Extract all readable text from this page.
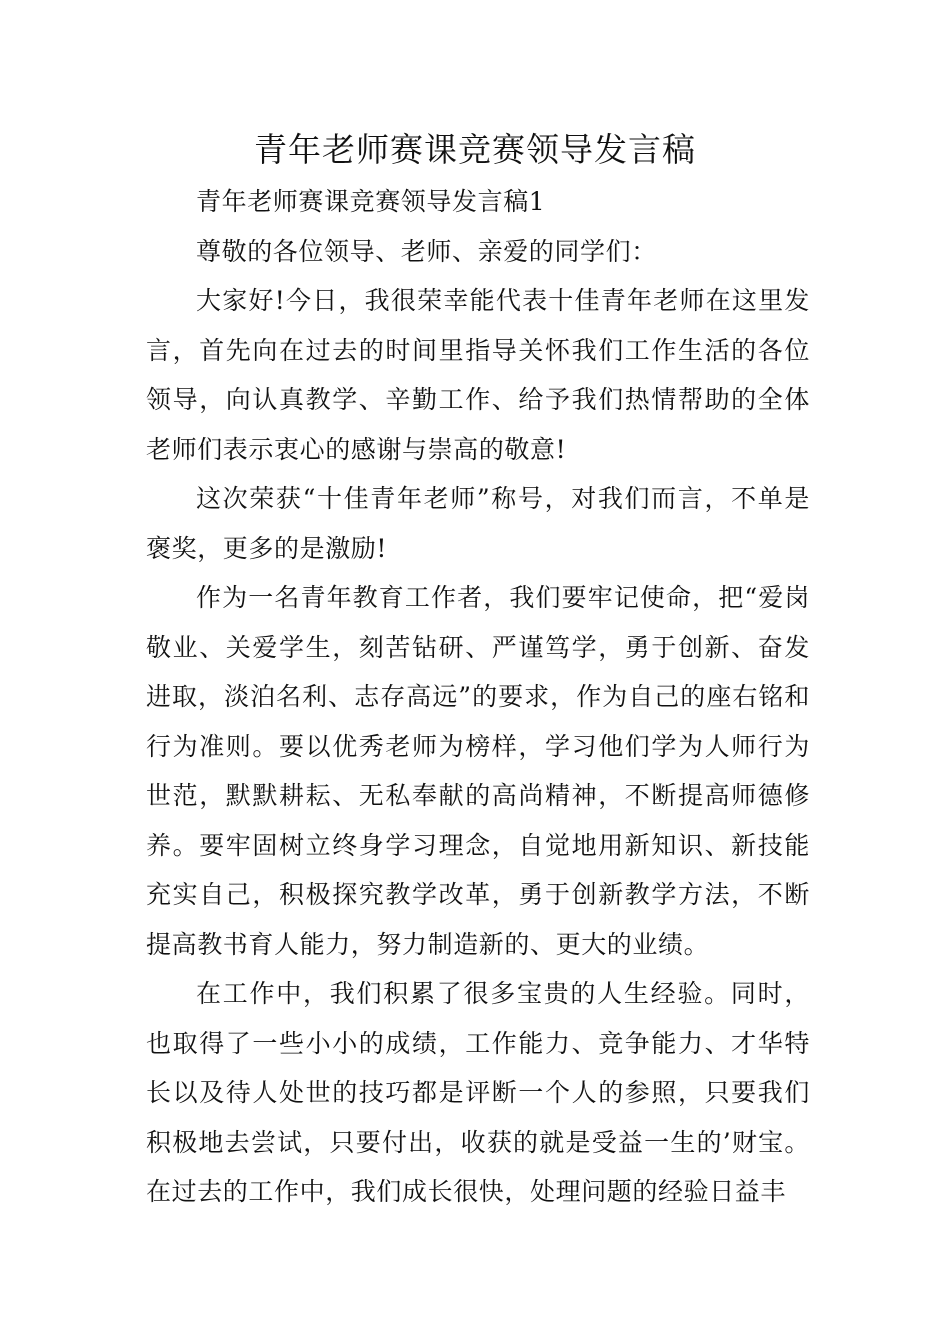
青年老师赛课竞赛领导发言稿

青年老师赛课竞赛领导发言稿1

尊敬的各位领导、老师、亲爱的同学们：

大家好!今日，我很荣幸能代表十佳青年老师在这里发言，首先向在过去的时间里指导关怀我们工作生活的各位领导，向认真教学、辛勤工作、给予我们热情帮助的全体老师们表示衷心的感谢与崇高的敬意!

这次荣获“十佳青年老师”称号，对我们而言，不单是褒奖，更多的是激励!

作为一名青年教育工作者，我们要牢记使命，把“爱岗敬业、关爱学生，刻苦钻研、严谨笃学，勇于创新、奋发进取，淡泊名利、志存高远”的要求，作为自己的座右铭和行为准则。要以优秀老师为榜样，学习他们学为人师行为世范，默默耕耘、无私奉献的高尚精神，不断提高师德修养。要牢固树立终身学习理念，自觉地用新知识、新技能充实自己，积极探究教学改革，勇于创新教学方法，不断提高教书育人能力，努力制造新的、更大的业绩。

在工作中，我们积累了很多宝贵的人生经验。同时，也取得了一些小小的成绩，工作能力、竞争能力、才华特长以及待人处世的技巧都是评断一个人的参照，只要我们积极地去尝试，只要付出，收获的就是受益一生的’财宝。在过去的工作中，我们成长很快，处理问题的经验日益丰
